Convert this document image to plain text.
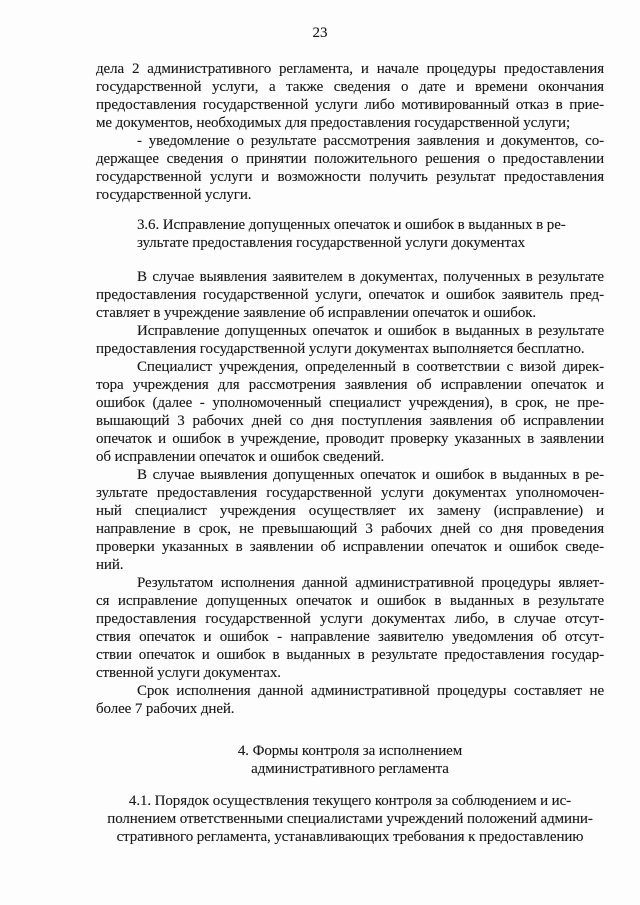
23
дела 2 административного регламента, и начале процедуры предоставления
государственной услуги, а также сведения о дате и времени окончания
предоставления государственной услуги либо мотивированный отказ в прие-
ме документов, необходимых для предоставления государственной услуги;
- уведомление о результате рассмотрения заявления и документов, со-
держащее сведения о принятии положительного решения о предоставлении
государственной услуги и возможности получить результат предоставления
государственной услуги.
3.6. Исправление допущенных опечаток и ошибок в выданных в ре-
зультате предоставления государственной услуги документах
В случае выявления заявителем в документах, полученных в результате
предоставления государственной услуги, опечаток и ошибок заявитель пред-
ставляет в учреждение заявление об исправлении опечаток и ошибок.
Исправление допущенных опечаток и ошибок в выданных в результате
предоставления государственной услуги документах выполняется бесплатно.
Специалист учреждения, определенный в соответствии с визой дирек-
тора учреждения для рассмотрения заявления об исправлении опечаток и
ошибок (далее - уполномоченный специалист учреждения), в срок, не пре-
вышающий 3 рабочих дней со дня поступления заявления об исправлении
опечаток и ошибок в учреждение, проводит проверку указанных в заявлении
об исправлении опечаток и ошибок сведений.
В случае выявления допущенных опечаток и ошибок в выданных в ре-
зультате предоставления государственной услуги документах уполномочен-
ный специалист учреждения осуществляет их замену (исправление) и
направление в срок, не превышающий 3 рабочих дней со дня проведения
проверки указанных в заявлении об исправлении опечаток и ошибок сведе-
ний.
Результатом исполнения данной административной процедуры являет-
ся исправление допущенных опечаток и ошибок в выданных в результате
предоставления государственной услуги документах либо, в случае отсут-
ствия опечаток и ошибок - направление заявителю уведомления об отсут-
ствии опечаток и ошибок в выданных в результате предоставления государ-
ственной услуги документах.
Срок исполнения данной административной процедуры составляет не
более 7 рабочих дней.
4. Формы контроля за исполнением
административного регламента
4.1. Порядок осуществления текущего контроля за соблюдением и ис-
полнением ответственными специалистами учреждений положений админи-
стративного регламента, устанавливающих требования к предоставлению
